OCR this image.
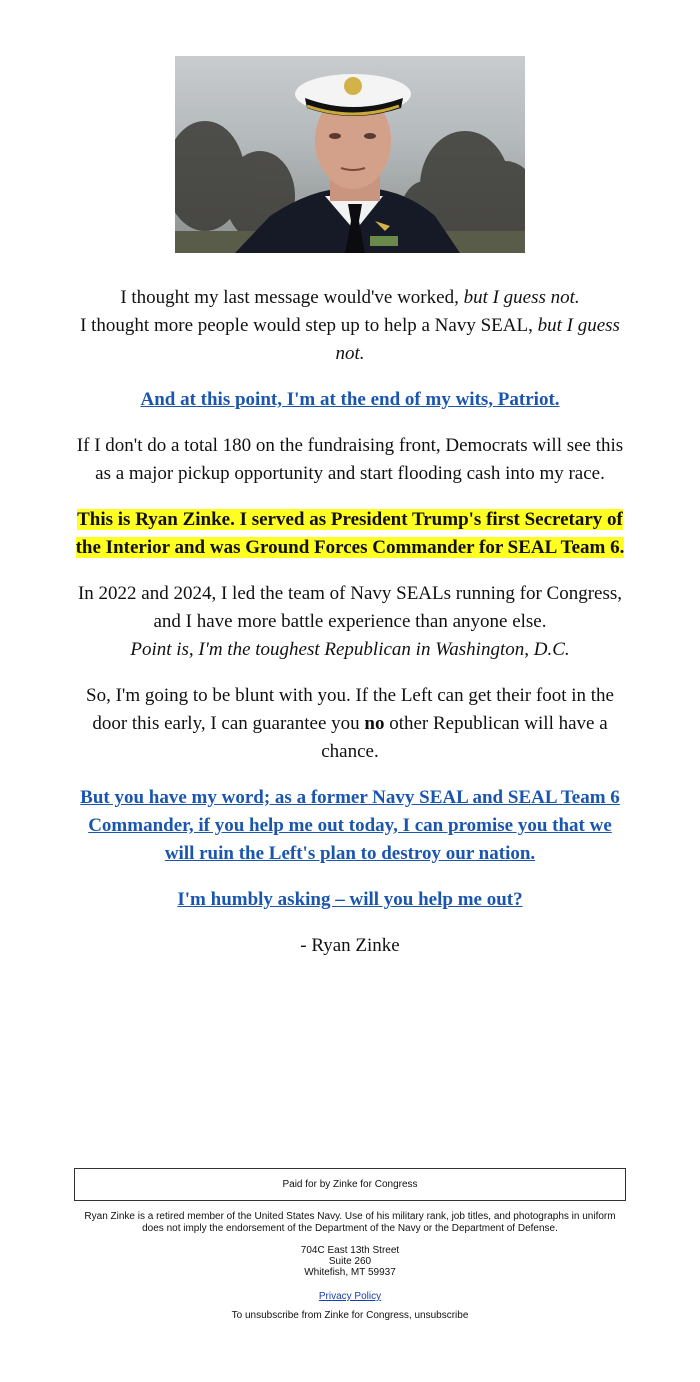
I thought my last message would've worked, but I guess not.
I thought more people would step up to help a Navy SEAL, but I guess not.

And at this point, I'm at the end of my wits, Patriot.

If I don't do a total 180 on the fundraising front, Democrats will see this as a major pickup opportunity and start flooding cash into my race.

This is Ryan Zinke. I served as President Trump's first Secretary of the Interior and was Ground Forces Commander for SEAL Team 6.

In 2022 and 2024, I led the team of Navy SEALs running for Congress, and I have more battle experience than anyone else.
Point is, I'm the toughest Republican in Washington, D.C.

So, I'm going to be blunt with you. If the Left can get their foot in the door this early, I can guarantee you no other Republican will have a chance.

But you have my word; as a former Navy SEAL and SEAL Team 6 Commander, if you help me out today, I can promise you that we will ruin the Left's plan to destroy our nation.

I'm humbly asking – will you help me out?

- Ryan Zinke

Paid for by Zinke for Congress

Ryan Zinke is a retired member of the United States Navy. Use of his military rank, job titles, and photographs in uniform does not imply the endorsement of the Department of the Navy or the Department of Defense.

704C East 13th Street
Suite 260
Whitefish, MT 59937

Privacy Policy

To unsubscribe from Zinke for Congress, unsubscribe
